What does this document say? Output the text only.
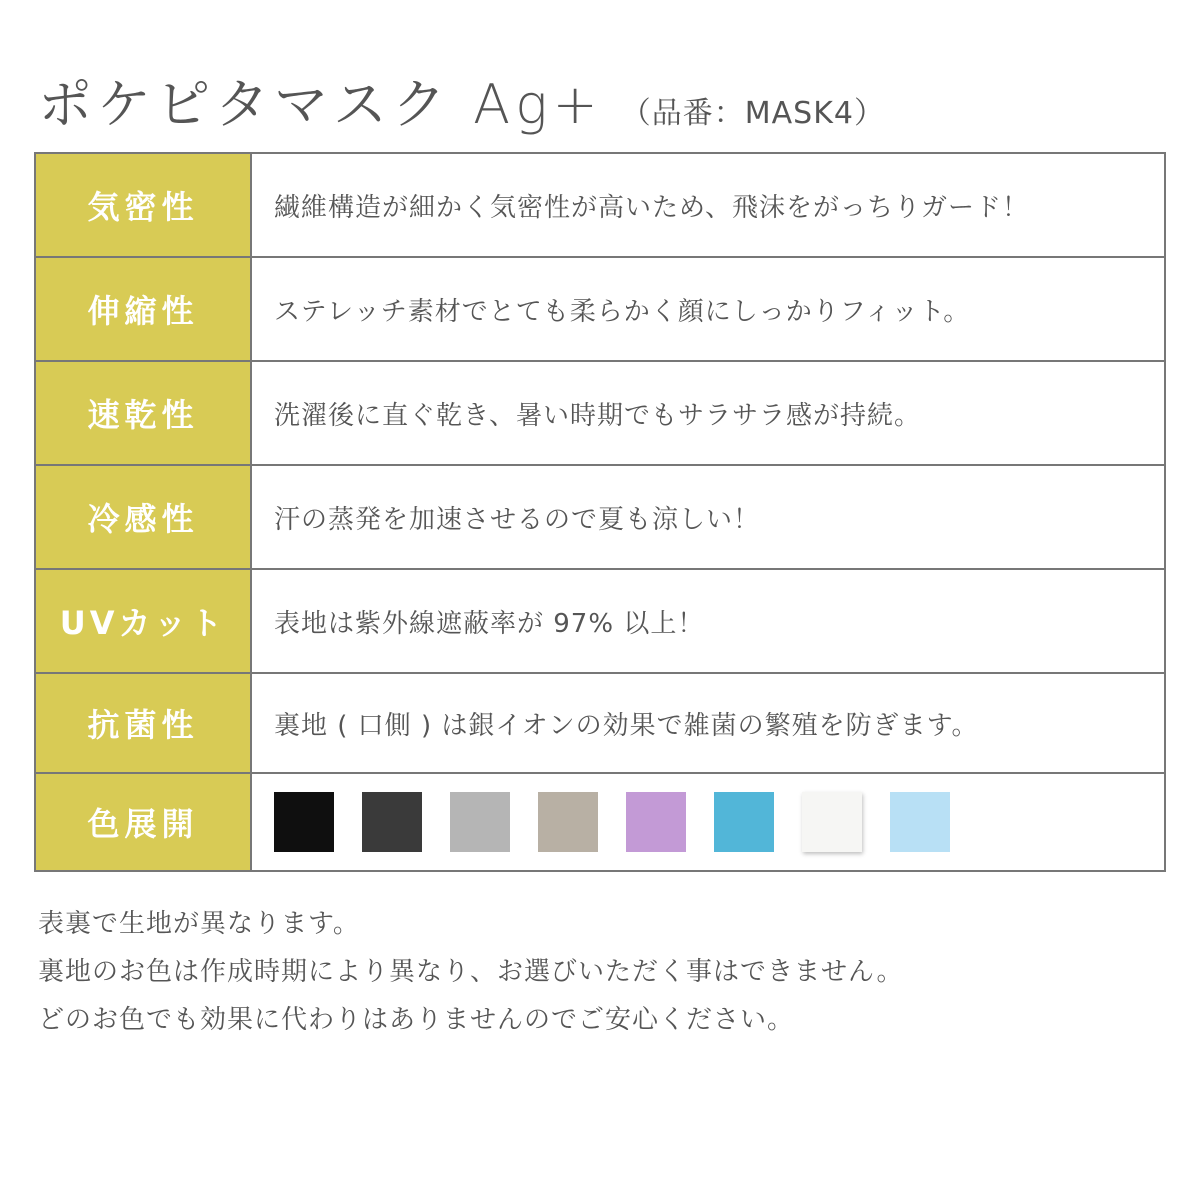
ポケピタマスク Ag+ （品番：MASK4）
気密性	繊維構造が細かく気密性が高いため、飛沫をがっちりガード！
伸縮性	ステレッチ素材でとても柔らかく顔にしっかりフィット。
速乾性	洗濯後に直ぐ乾き、暑い時期でもサラサラ感が持続。
冷感性	汗の蒸発を加速させるので夏も涼しい！
UVカット	表地は紫外線遮蔽率が 97% 以上！
抗菌性	裏地 ( 口側 ) は銀イオンの効果で雑菌の繁殖を防ぎます。
色展開	
表裏で生地が異なります。
裏地のお色は作成時期により異なり、お選びいただく事はできません。
どのお色でも効果に代わりはありませんのでご安心ください。
